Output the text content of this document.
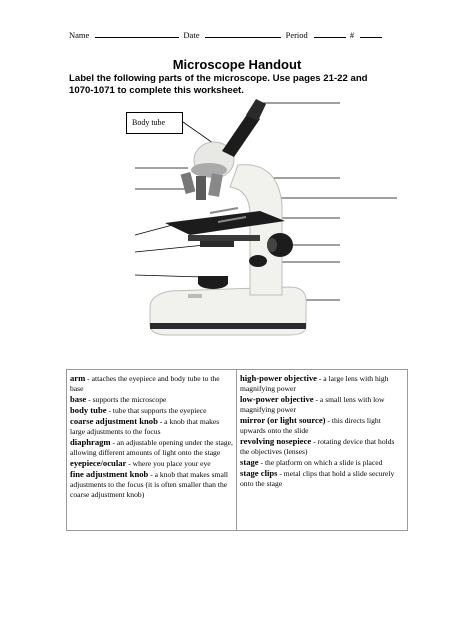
Name	Date	Period	#
Microscope Handout
Label the following parts of the microscope. Use pages 21-22 and 1070-1071 to complete this worksheet.
Body tube
arm - attaches the eyepiece and body tube to the base
base - supports the microscope
body tube - tube that supports the eyepiece
coarse adjustment knob - a knob that makes large adjustments to the focus
diaphragm - an adjustable opening under the stage, allowing different amounts of light onto the stage
eyepiece/ocular - where you place your eye
fine adjustment knob - a knob that makes small adjustments to the focus (it is often smaller than the coarse adjustment knob)
high-power objective - a large lens with high magnifying power
low-power objective - a small lens with low magnifying power
mirror (or light source) - this directs light upwards onto the slide
revolving nosepiece - rotating device that holds the objectives (lenses)
stage - the platform on which a slide is placed
stage clips - metal clips that hold a slide securely onto the stage
